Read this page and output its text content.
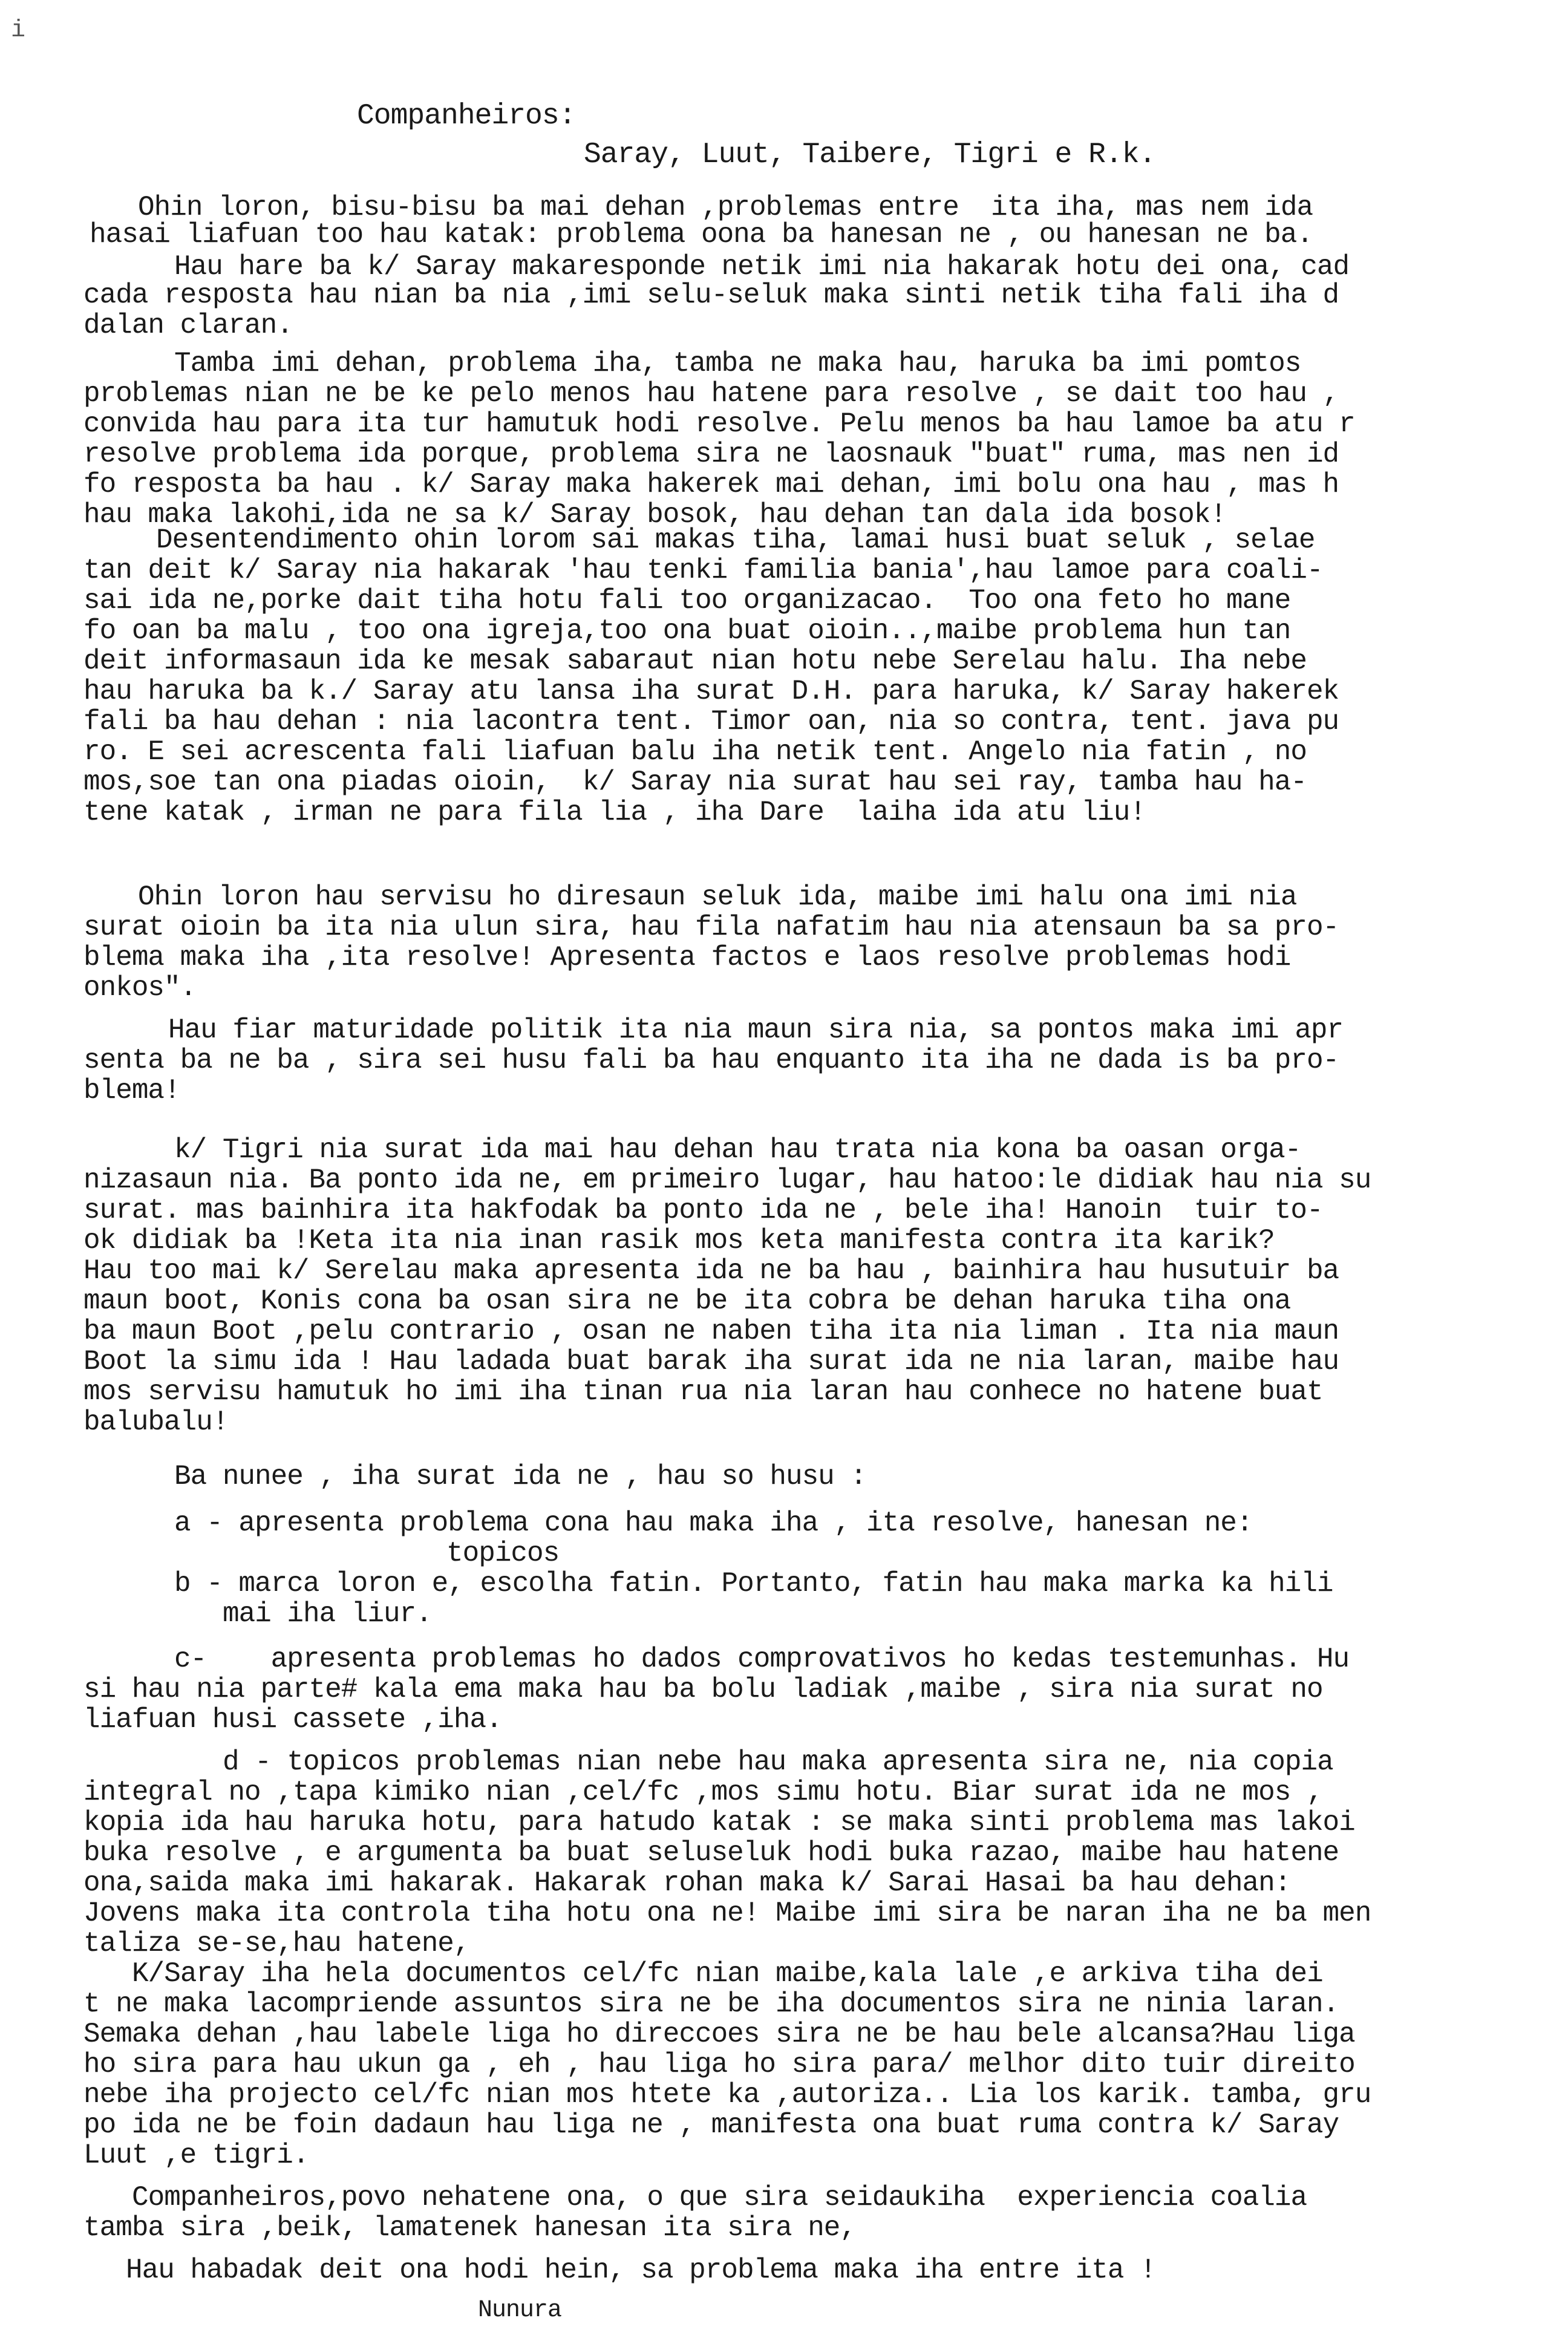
i
Companheiros:
Saray, Luut, Taibere, Tigri e R.k.
Ohin loron, bisu-bisu ba mai dehan ,problemas entre  ita iha, mas nem ida
hasai liafuan too hau katak: problema oona ba hanesan ne , ou hanesan ne ba.
Hau hare ba k/ Saray makaresponde netik imi nia hakarak hotu dei ona, cad
cada resposta hau nian ba nia ,imi selu-seluk maka sinti netik tiha fali iha d
dalan claran.
Tamba imi dehan, problema iha, tamba ne maka hau, haruka ba imi pomtos
problemas nian ne be ke pelo menos hau hatene para resolve , se dait too hau ,
convida hau para ita tur hamutuk hodi resolve. Pelu menos ba hau lamoe ba atu r
resolve problema ida porque, problema sira ne laosnauk "buat" ruma, mas nen id
fo resposta ba hau . k/ Saray maka hakerek mai dehan, imi bolu ona hau , mas h
hau maka lakohi,ida ne sa k/ Saray bosok, hau dehan tan dala ida bosok!
Desentendimento ohin lorom sai makas tiha, lamai husi buat seluk , selae
tan deit k/ Saray nia hakarak 'hau tenki familia bania',hau lamoe para coali-
sai ida ne,porke dait tiha hotu fali too organizacao.  Too ona feto ho mane
fo oan ba malu , too ona igreja,too ona buat oioin..,maibe problema hun tan
deit informasaun ida ke mesak sabaraut nian hotu nebe Serelau halu. Iha nebe
hau haruka ba k./ Saray atu lansa iha surat D.H. para haruka, k/ Saray hakerek
fali ba hau dehan : nia lacontra tent. Timor oan, nia so contra, tent. java pu
ro. E sei acrescenta fali liafuan balu iha netik tent. Angelo nia fatin , no
mos,soe tan ona piadas oioin,  k/ Saray nia surat hau sei ray, tamba hau ha-
tene katak , irman ne para fila lia , iha Dare  laiha ida atu liu!
Ohin loron hau servisu ho diresaun seluk ida, maibe imi halu ona imi nia
surat oioin ba ita nia ulun sira, hau fila nafatim hau nia atensaun ba sa pro-
blema maka iha ,ita resolve! Apresenta factos e laos resolve problemas hodi
onkos".
Hau fiar maturidade politik ita nia maun sira nia, sa pontos maka imi apr
senta ba ne ba , sira sei husu fali ba hau enquanto ita iha ne dada is ba pro-
blema!
k/ Tigri nia surat ida mai hau dehan hau trata nia kona ba oasan orga-
nizasaun nia. Ba ponto ida ne, em primeiro lugar, hau hatoo:le didiak hau nia su
surat. mas bainhira ita hakfodak ba ponto ida ne , bele iha! Hanoin  tuir to-
ok didiak ba !Keta ita nia inan rasik mos keta manifesta contra ita karik?
Hau too mai k/ Serelau maka apresenta ida ne ba hau , bainhira hau husutuir ba
maun boot, Konis cona ba osan sira ne be ita cobra be dehan haruka tiha ona
ba maun Boot ,pelu contrario , osan ne naben tiha ita nia liman . Ita nia maun
Boot la simu ida ! Hau ladada buat barak iha surat ida ne nia laran, maibe hau
mos servisu hamutuk ho imi iha tinan rua nia laran hau conhece no hatene buat
balubalu!
Ba nunee , iha surat ida ne , hau so husu :
a - apresenta problema cona hau maka iha , ita resolve, hanesan ne:
topicos
b - marca loron e, escolha fatin. Portanto, fatin hau maka marka ka hili
mai iha liur.
c-    apresenta problemas ho dados comprovativos ho kedas testemunhas. Hu
si hau nia parte# kala ema maka hau ba bolu ladiak ,maibe , sira nia surat no
liafuan husi cassete ,iha.
d - topicos problemas nian nebe hau maka apresenta sira ne, nia copia
integral no ,tapa kimiko nian ,cel/fc ,mos simu hotu. Biar surat ida ne mos ,
kopia ida hau haruka hotu, para hatudo katak : se maka sinti problema mas lakoi
buka resolve , e argumenta ba buat seluseluk hodi buka razao, maibe hau hatene
ona,saida maka imi hakarak. Hakarak rohan maka k/ Sarai Hasai ba hau dehan:
Jovens maka ita controla tiha hotu ona ne! Maibe imi sira be naran iha ne ba men
taliza se-se,hau hatene,
K/Saray iha hela documentos cel/fc nian maibe,kala lale ,e arkiva tiha dei
t ne maka lacompriende assuntos sira ne be iha documentos sira ne ninia laran.
Semaka dehan ,hau labele liga ho direccoes sira ne be hau bele alcansa?Hau liga
ho sira para hau ukun ga , eh , hau liga ho sira para/ melhor dito tuir direito
nebe iha projecto cel/fc nian mos htete ka ,autoriza.. Lia los karik. tamba, gru
po ida ne be foin dadaun hau liga ne , manifesta ona buat ruma contra k/ Saray
Luut ,e tigri.
Companheiros,povo nehatene ona, o que sira seidaukiha  experiencia coalia
tamba sira ,beik, lamatenek hanesan ita sira ne,
Hau habadak deit ona hodi hein, sa problema maka iha entre ita !
Nunura
